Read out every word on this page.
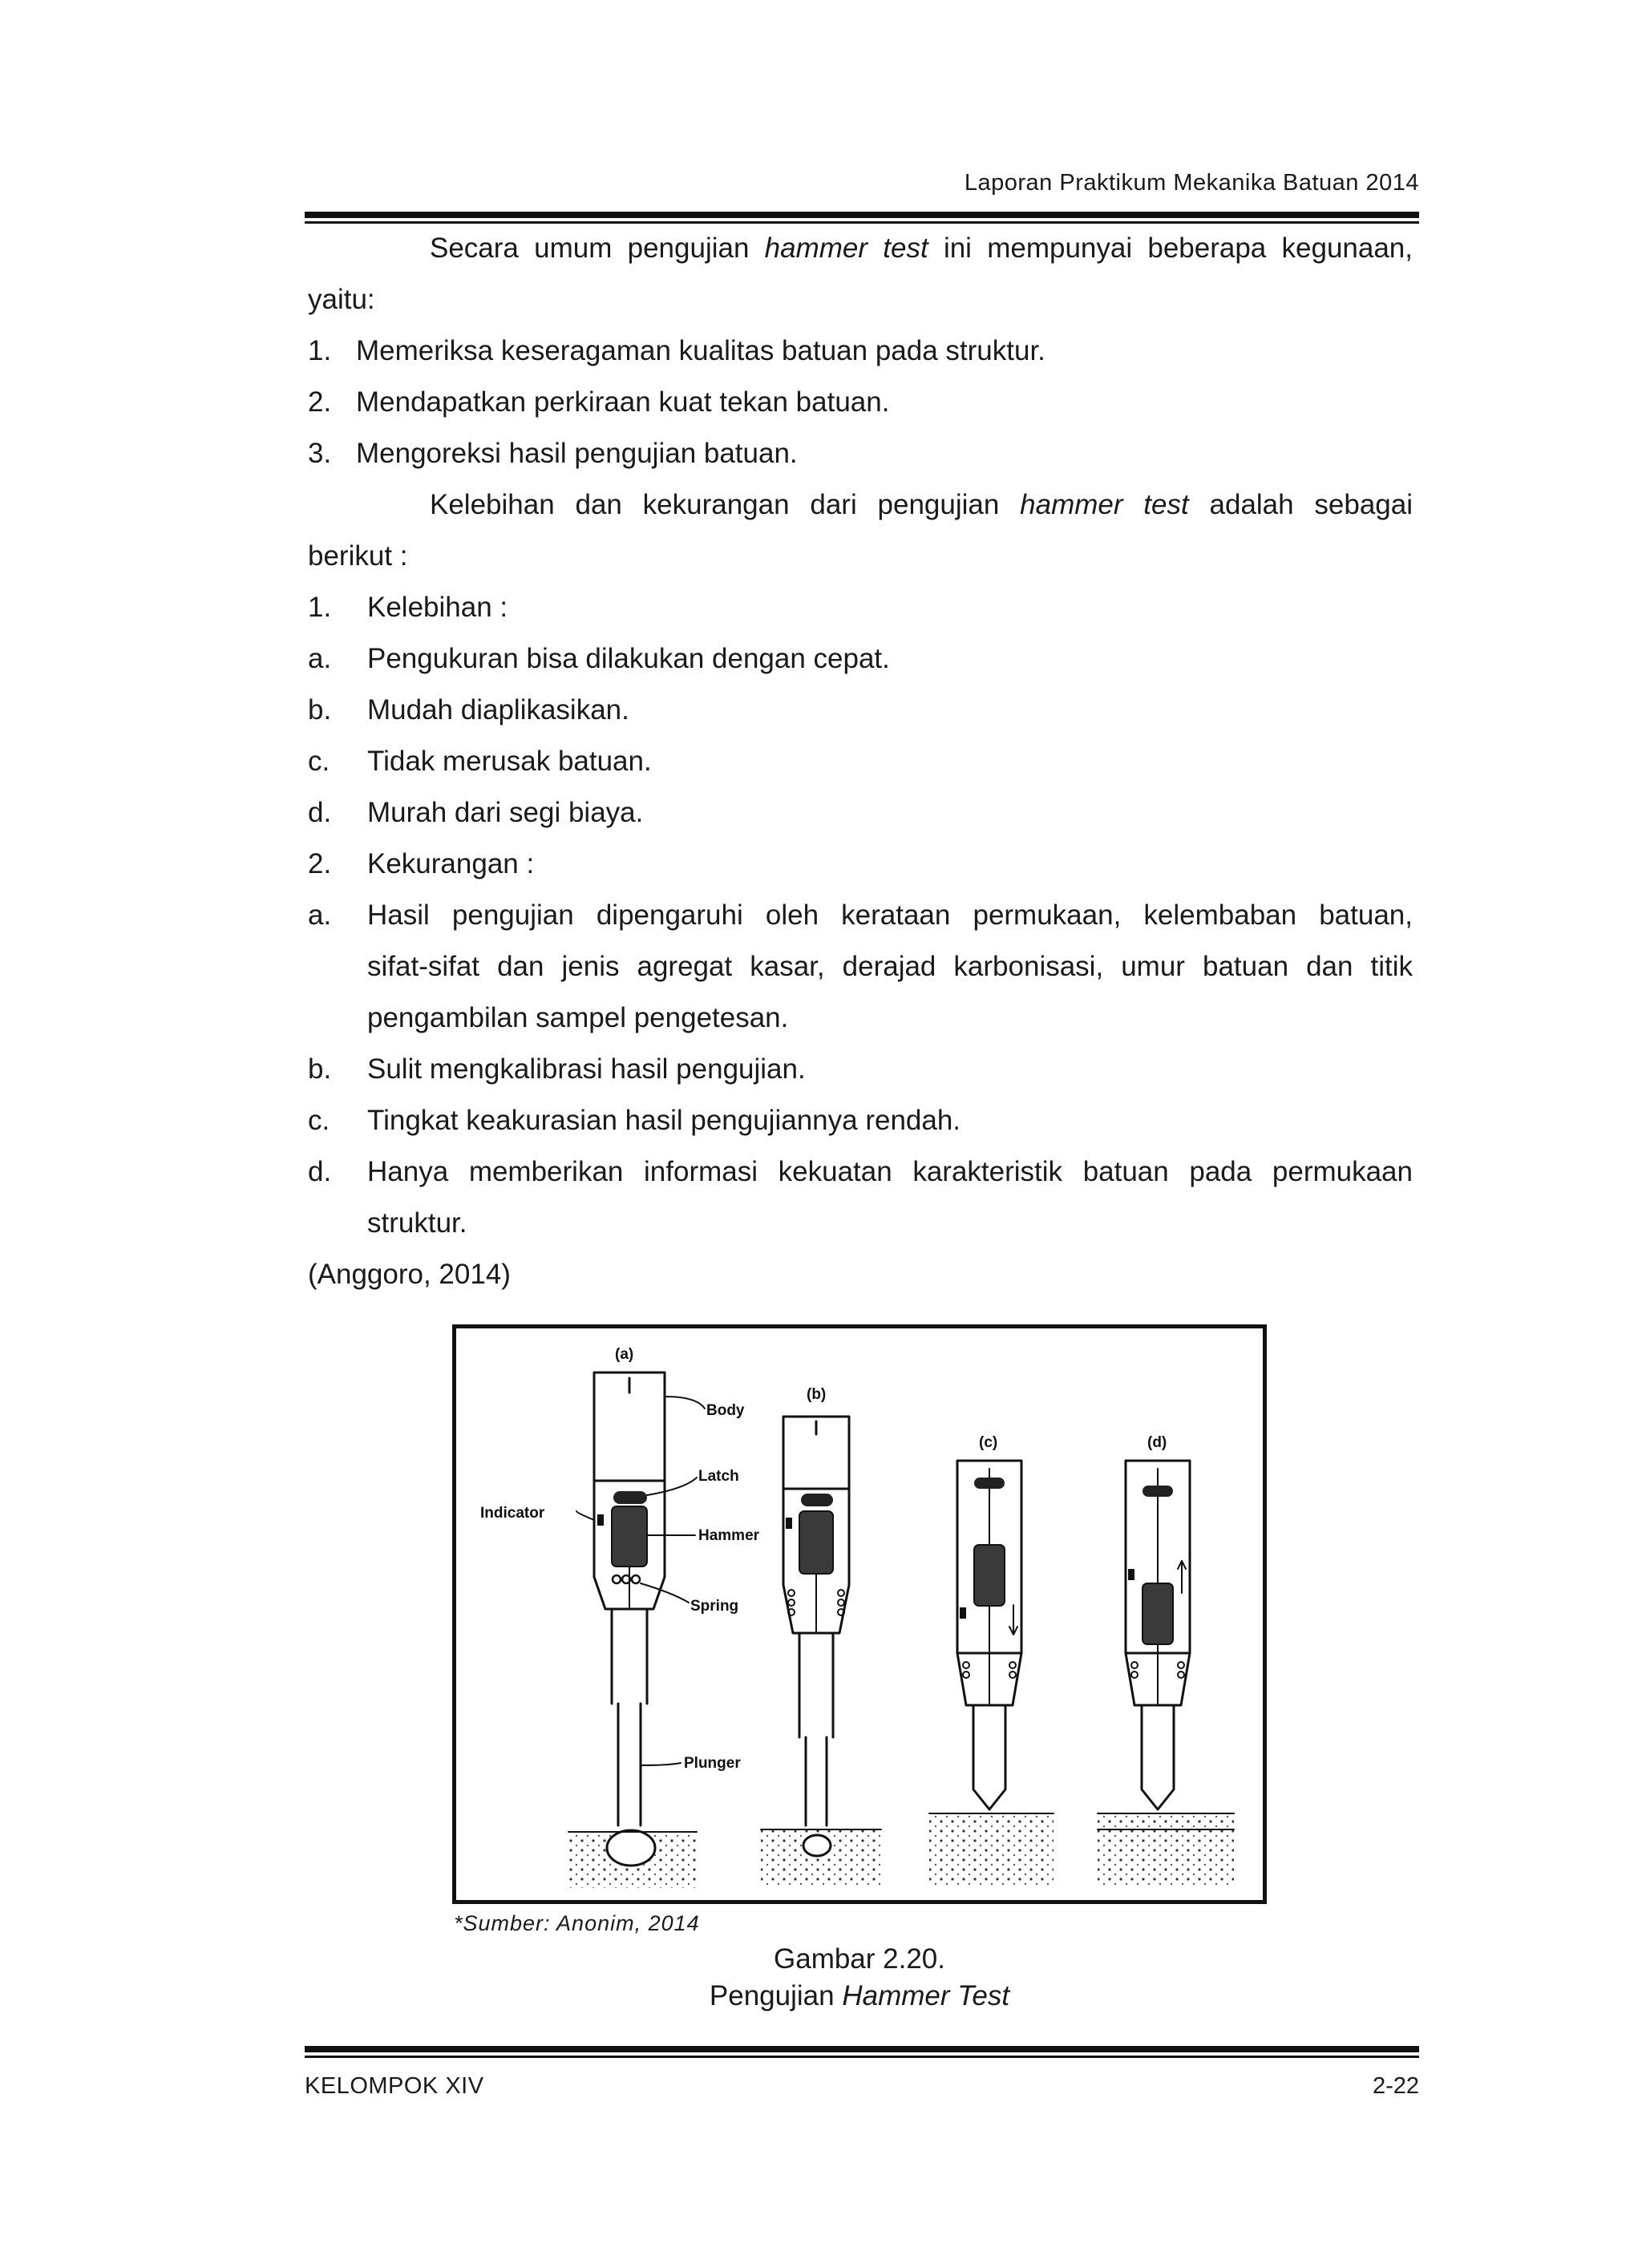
Laporan Praktikum Mekanika Batuan 2014
Secara umum pengujian hammer test ini mempunyai beberapa kegunaan,
yaitu:
1. Memeriksa keseragaman kualitas batuan pada struktur.
2. Mendapatkan perkiraan kuat tekan batuan.
3. Mengoreksi hasil pengujian batuan.
Kelebihan dan kekurangan dari pengujian hammer test adalah sebagai
berikut :
1.	Kelebihan :
a.	Pengukuran bisa dilakukan dengan cepat.
b.	Mudah diaplikasikan.
c.	Tidak merusak batuan.
d.	Murah dari segi biaya.
2.	Kekurangan :
a.	Hasil pengujian dipengaruhi oleh kerataan permukaan, kelembaban batuan,
sifat-sifat dan jenis agregat kasar, derajad karbonisasi, umur batuan dan titik
pengambilan sampel pengetesan.
b.	Sulit mengkalibrasi hasil pengujian.
c.	Tingkat keakurasian hasil pengujiannya rendah.
d.	Hanya memberikan informasi kekuatan karakteristik batuan pada permukaan
struktur.
(Anggoro, 2014)
(a)
Body
Latch
Indicator
Hammer
Spring
Plunger
(b)
(c)	(d)
*Sumber: Anonim, 2014
Gambar 2.20.
Pengujian Hammer Test
KELOMPOK XIV	2-22
